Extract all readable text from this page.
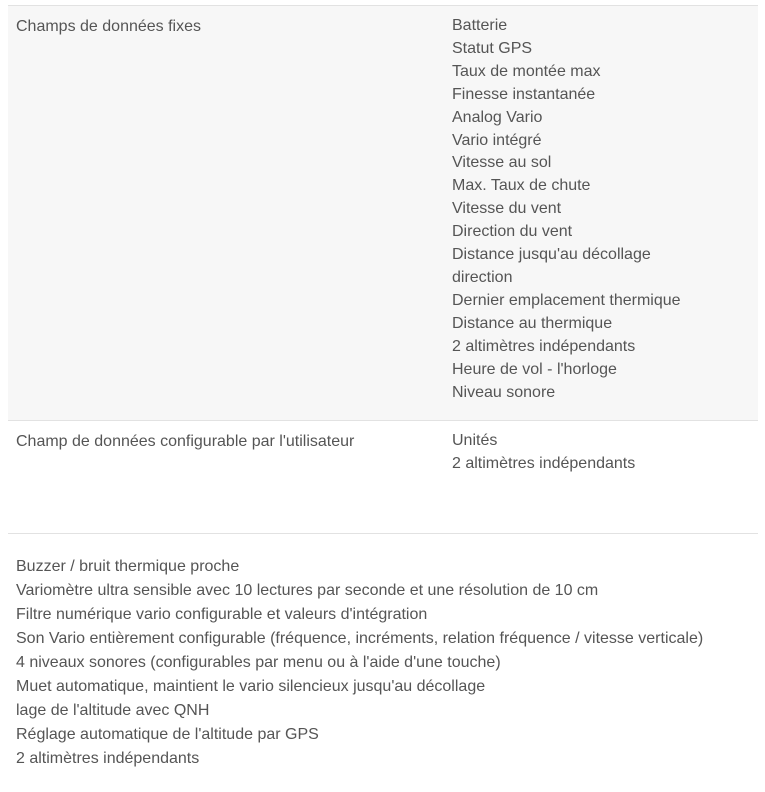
Champs de données fixes	Batterie
Statut GPS
Taux de montée max
Finesse instantanée
Analog Vario
Vario intégré
Vitesse au sol
Max. Taux de chute
Vitesse du vent
Direction du vent
Distance jusqu'au décollage
direction
Dernier emplacement thermique
Distance au thermique
2 altimètres indépendants
Heure de vol - l'horloge
Niveau sonore
Champ de données configurable par l'utilisateur	Unités
2 altimètres indépendants
Buzzer / bruit thermique proche
Variomètre ultra sensible avec 10 lectures par seconde et une résolution de 10 cm
Filtre numérique vario configurable et valeurs d'intégration
Son Vario entièrement configurable (fréquence, incréments, relation fréquence / vitesse verticale)
4 niveaux sonores (configurables par menu ou à l'aide d'une touche)
Muet automatique, maintient le vario silencieux jusqu'au décollage
lage de l'altitude avec QNH
Réglage automatique de l'altitude par GPS
2 altimètres indépendants
